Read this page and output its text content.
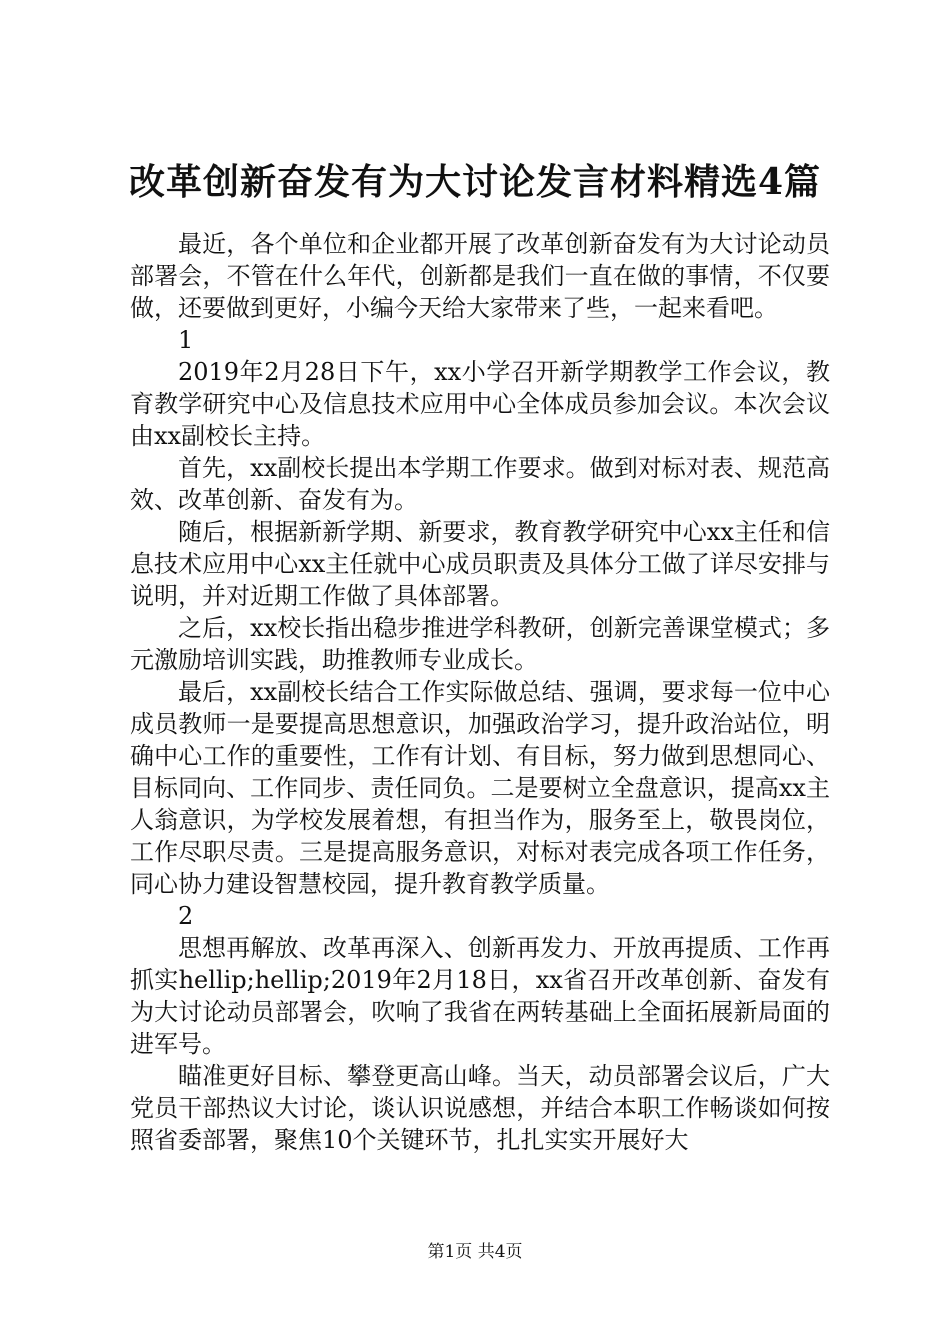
改革创新奋发有为大讨论发言材料精选4篇

最近，各个单位和企业都开展了改革创新奋发有为大讨论动员部署会，不管在什么年代，创新都是我们一直在做的事情，不仅要做，还要做到更好，小编今天给大家带来了些，一起来看吧。

1

2019年2月28日下午，xx小学召开新学期教学工作会议，教育教学研究中心及信息技术应用中心全体成员参加会议。本次会议由xx副校长主持。

首先，xx副校长提出本学期工作要求。做到对标对表、规范高效、改革创新、奋发有为。

随后，根据新新学期、新要求，教育教学研究中心xx主任和信息技术应用中心xx主任就中心成员职责及具体分工做了详尽安排与说明，并对近期工作做了具体部署。

之后，xx校长指出稳步推进学科教研，创新完善课堂模式；多元激励培训实践，助推教师专业成长。

最后，xx副校长结合工作实际做总结、强调，要求每一位中心成员教师一是要提高思想意识，加强政治学习，提升政治站位，明确中心工作的重要性，工作有计划、有目标，努力做到思想同心、目标同向、工作同步、责任同负。二是要树立全盘意识，提高xx主人翁意识，为学校发展着想，有担当作为，服务至上，敬畏岗位，工作尽职尽责。三是提高服务意识，对标对表完成各项工作任务，同心协力建设智慧校园，提升教育教学质量。

2

思想再解放、改革再深入、创新再发力、开放再提质、工作再抓实hellip;hellip;2019年2月18日，xx省召开改革创新、奋发有为大讨论动员部署会，吹响了我省在两转基础上全面拓展新局面的进军号。

瞄准更好目标、攀登更高山峰。当天，动员部署会议后，广大党员干部热议大讨论，谈认识说感想，并结合本职工作畅谈如何按照省委部署，聚焦10个关键环节，扎扎实实开展好大

第1页 共4页
